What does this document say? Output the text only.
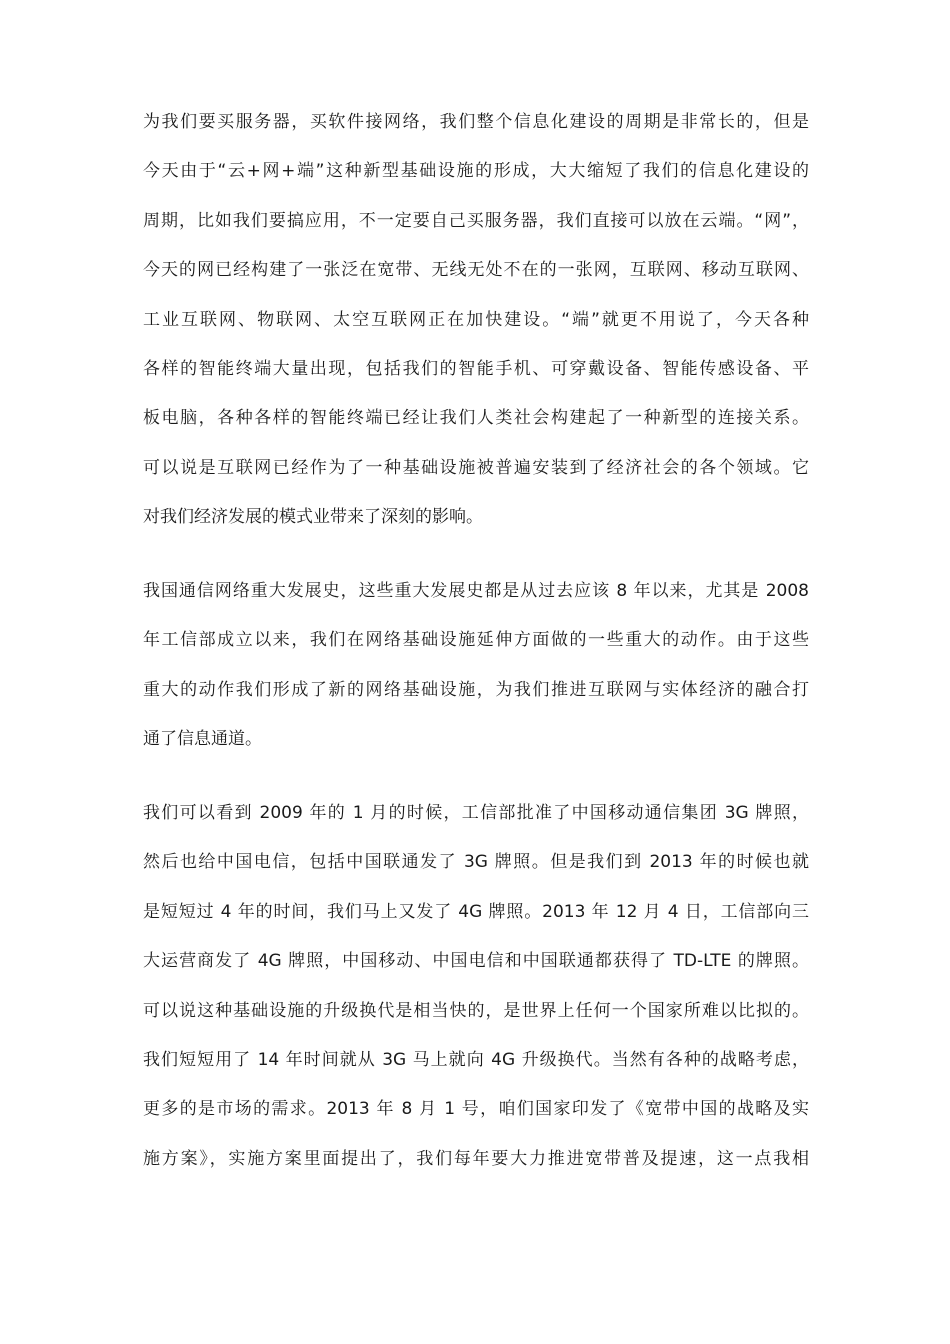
为我们要买服务器，买软件接网络，我们整个信息化建设的周期是非常长的，但是
今天由于“云+网+端”这种新型基础设施的形成，大大缩短了我们的信息化建设的
周期，比如我们要搞应用，不一定要自己买服务器，我们直接可以放在云端。“网”，
今天的网已经构建了一张泛在宽带、无线无处不在的一张网，互联网、移动互联网、
工业互联网、物联网、太空互联网正在加快建设。“端”就更不用说了，今天各种
各样的智能终端大量出现，包括我们的智能手机、可穿戴设备、智能传感设备、平
板电脑，各种各样的智能终端已经让我们人类社会构建起了一种新型的连接关系。
可以说是互联网已经作为了一种基础设施被普遍安装到了经济社会的各个领域。它
对我们经济发展的模式业带来了深刻的影响。
我国通信网络重大发展史，这些重大发展史都是从过去应该 8 年以来，尤其是 2008
年工信部成立以来，我们在网络基础设施延伸方面做的一些重大的动作。由于这些
重大的动作我们形成了新的网络基础设施，为我们推进互联网与实体经济的融合打
通了信息通道。
我们可以看到 2009 年的 1 月的时候，工信部批准了中国移动通信集团 3G 牌照，
然后也给中国电信，包括中国联通发了 3G 牌照。但是我们到 2013 年的时候也就
是短短过 4 年的时间，我们马上又发了 4G 牌照。2013 年 12 月 4 日，工信部向三
大运营商发了 4G 牌照，中国移动、中国电信和中国联通都获得了 TD-LTE 的牌照。
可以说这种基础设施的升级换代是相当快的，是世界上任何一个国家所难以比拟的。
我们短短用了 14 年时间就从 3G 马上就向 4G 升级换代。当然有各种的战略考虑，
更多的是市场的需求。2013 年 8 月 1 号，咱们国家印发了《宽带中国的战略及实
施方案》，实施方案里面提出了，我们每年要大力推进宽带普及提速，这一点我相
